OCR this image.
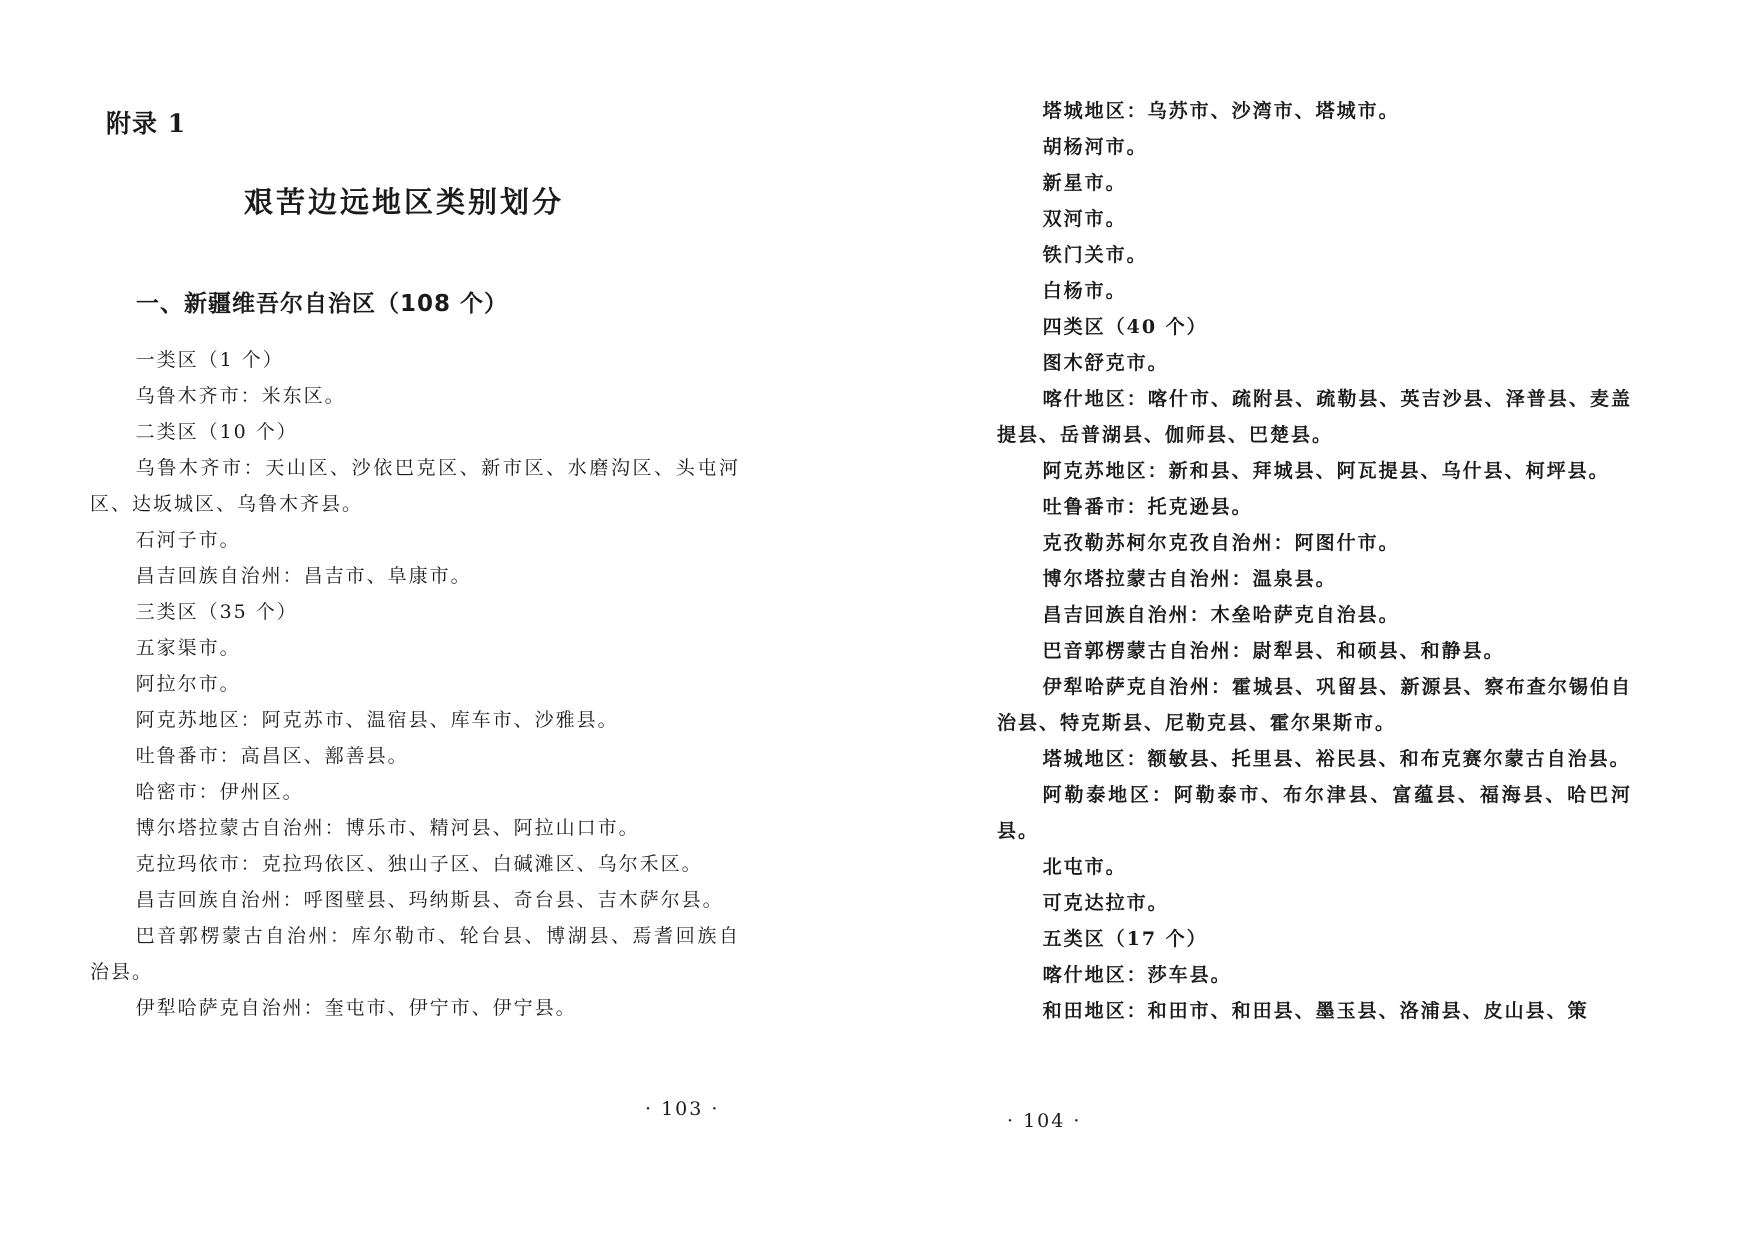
附录 1
艰苦边远地区类别划分
一、新疆维吾尔自治区（108 个）
一类区（1 个）
乌鲁木齐市：米东区。
二类区（10 个）
乌鲁木齐市：天山区、沙依巴克区、新市区、水磨沟区、头屯河区、达坂城区、乌鲁木齐县。
石河子市。
昌吉回族自治州：昌吉市、阜康市。
三类区（35 个）
五家渠市。
阿拉尔市。
阿克苏地区：阿克苏市、温宿县、库车市、沙雅县。
吐鲁番市：高昌区、鄯善县。
哈密市：伊州区。
博尔塔拉蒙古自治州：博乐市、精河县、阿拉山口市。
克拉玛依市：克拉玛依区、独山子区、白碱滩区、乌尔禾区。
昌吉回族自治州：呼图壁县、玛纳斯县、奇台县、吉木萨尔县。
巴音郭楞蒙古自治州：库尔勒市、轮台县、博湖县、焉耆回族自治县。
伊犁哈萨克自治州：奎屯市、伊宁市、伊宁县。
· 103 ·
塔城地区：乌苏市、沙湾市、塔城市。
胡杨河市。
新星市。
双河市。
铁门关市。
白杨市。
四类区（40 个）
图木舒克市。
喀什地区：喀什市、疏附县、疏勒县、英吉沙县、泽普县、麦盖提县、岳普湖县、伽师县、巴楚县。
阿克苏地区：新和县、拜城县、阿瓦提县、乌什县、柯坪县。
吐鲁番市：托克逊县。
克孜勒苏柯尔克孜自治州：阿图什市。
博尔塔拉蒙古自治州：温泉县。
昌吉回族自治州：木垒哈萨克自治县。
巴音郭楞蒙古自治州：尉犁县、和硕县、和静县。
伊犁哈萨克自治州：霍城县、巩留县、新源县、察布查尔锡伯自治县、特克斯县、尼勒克县、霍尔果斯市。
塔城地区：额敏县、托里县、裕民县、和布克赛尔蒙古自治县。
阿勒泰地区：阿勒泰市、布尔津县、富蕴县、福海县、哈巴河县。
北屯市。
可克达拉市。
五类区（17 个）
喀什地区：莎车县。
和田地区：和田市、和田县、墨玉县、洛浦县、皮山县、策
· 104 ·
